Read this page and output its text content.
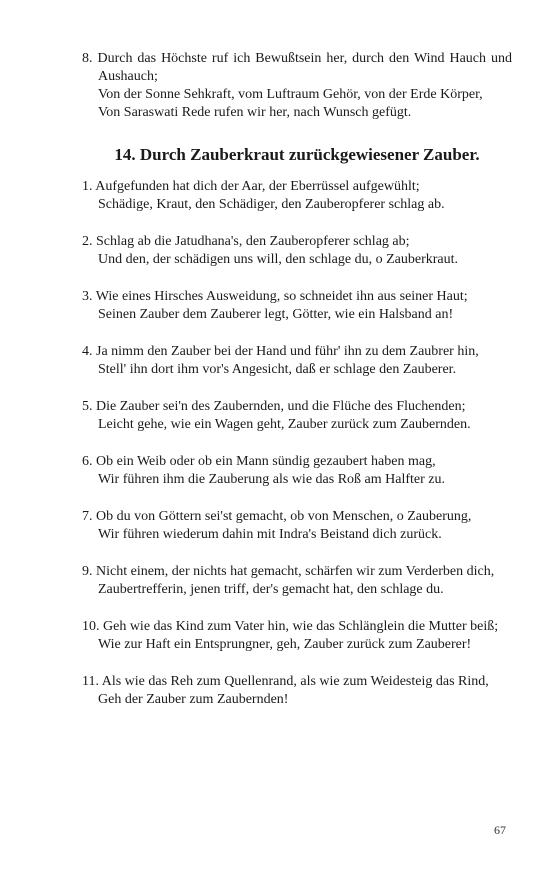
8. Durch das Höchste ruf ich Bewußtsein her, durch den Wind Hauch und Aushauch;
Von der Sonne Sehkraft, vom Luftraum Gehör, von der Erde Körper,
Von Saraswati Rede rufen wir her, nach Wunsch gefügt.
14. Durch Zauberkraut zurückgewiesener Zauber.
1. Aufgefunden hat dich der Aar, der Eberrüssel aufgewühlt;
Schädige, Kraut, den Schädiger, den Zauberopferer schlag ab.
2. Schlag ab die Jatudhana's, den Zauberopferer schlag ab;
Und den, der schädigen uns will, den schlage du, o Zauberkraut.
3. Wie eines Hirsches Ausweidung, so schneidet ihn aus seiner Haut;
Seinen Zauber dem Zauberer legt, Götter, wie ein Halsband an!
4. Ja nimm den Zauber bei der Hand und führ' ihn zu dem Zaubrer hin,
Stell' ihn dort ihm vor's Angesicht, daß er schlage den Zauberer.
5. Die Zauber sei'n des Zaubernden, und die Flüche des Fluchenden;
Leicht gehe, wie ein Wagen geht, Zauber zurück zum Zaubernden.
6. Ob ein Weib oder ob ein Mann sündig gezaubert haben mag,
Wir führen ihm die Zauberung als wie das Roß am Halfter zu.
7. Ob du von Göttern sei'st gemacht, ob von Menschen, o Zauberung,
Wir führen wiederum dahin mit Indra's Beistand dich zurück.
9. Nicht einem, der nichts hat gemacht, schärfen wir zum Verderben dich,
Zaubertrefferin, jenen triff, der's gemacht hat, den schlage du.
10. Geh wie das Kind zum Vater hin, wie das Schlänglein die Mutter beiß;
Wie zur Haft ein Entsprungner, geh, Zauber zurück zum Zauberer!
11. Als wie das Reh zum Quellenrand, als wie zum Weidesteig das Rind,
Geh der Zauber zum Zaubernden!
67
